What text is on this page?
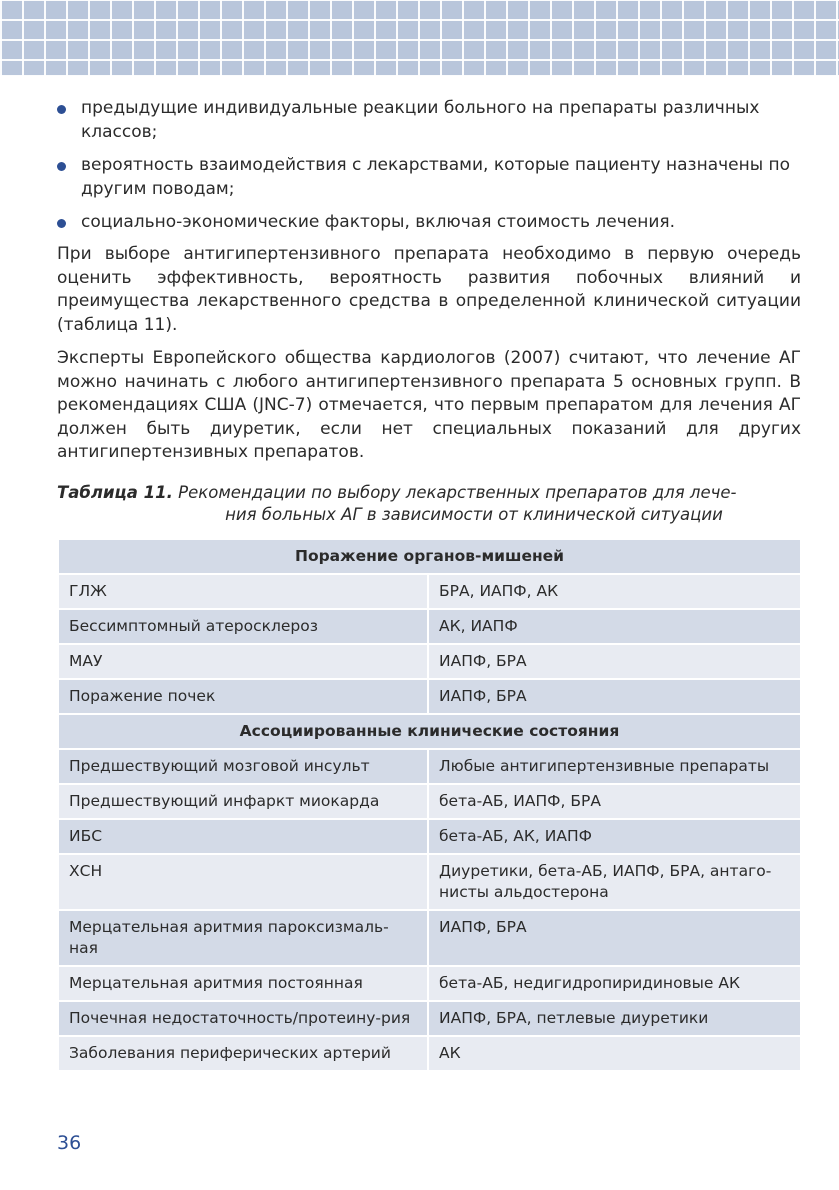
предыдущие индивидуальные реакции больного на препараты различных классов;
вероятность взаимодействия с лекарствами, которые пациенту назначены по другим поводам;
социально-экономические факторы, включая стоимость лечения.

При выборе антигипертензивного препарата необходимо в первую очередь оценить эффективность, вероятность развития побочных влияний и преимущества лекарственного средства в определенной клинической ситуации (таблица 11).

Эксперты Европейского общества кардиологов (2007) считают, что лечение АГ можно начинать с любого антигипертензивного препарата 5 основных групп. В рекомендациях США (JNC-7) отмечается, что первым препаратом для лечения АГ должен быть диуретик, если нет специальных показаний для других антигипертензивных препаратов.

Таблица 11. Рекомендации по выбору лекарственных препаратов для лече-
ния больных АГ в зависимости от клинической ситуации
Поражение органов-мишеней	
ГЛЖ	БРА, ИАПФ, АК
Бессимптомный атеросклероз	АК, ИАПФ
МАУ	ИАПФ, БРА
Поражение почек	ИАПФ, БРА
Ассоциированные клинические состояния	
Предшествующий мозговой инсульт	Любые антигипертензивные препараты
Предшествующий инфаркт миокарда	бета-АБ, ИАПФ, БРА
ИБС	бета-АБ, АК, ИАПФ
ХСН	Диуретики, бета-АБ, ИАПФ, БРА, антаго-нисты альдостерона
Мерцательная аритмия пароксизмаль-ная	ИАПФ, БРА
Мерцательная аритмия постоянная	бета-АБ, недигидропиридиновые АК
Почечная недостаточность/протеину-рия	ИАПФ, БРА, петлевые диуретики
Заболевания периферических артерий	АК
36
